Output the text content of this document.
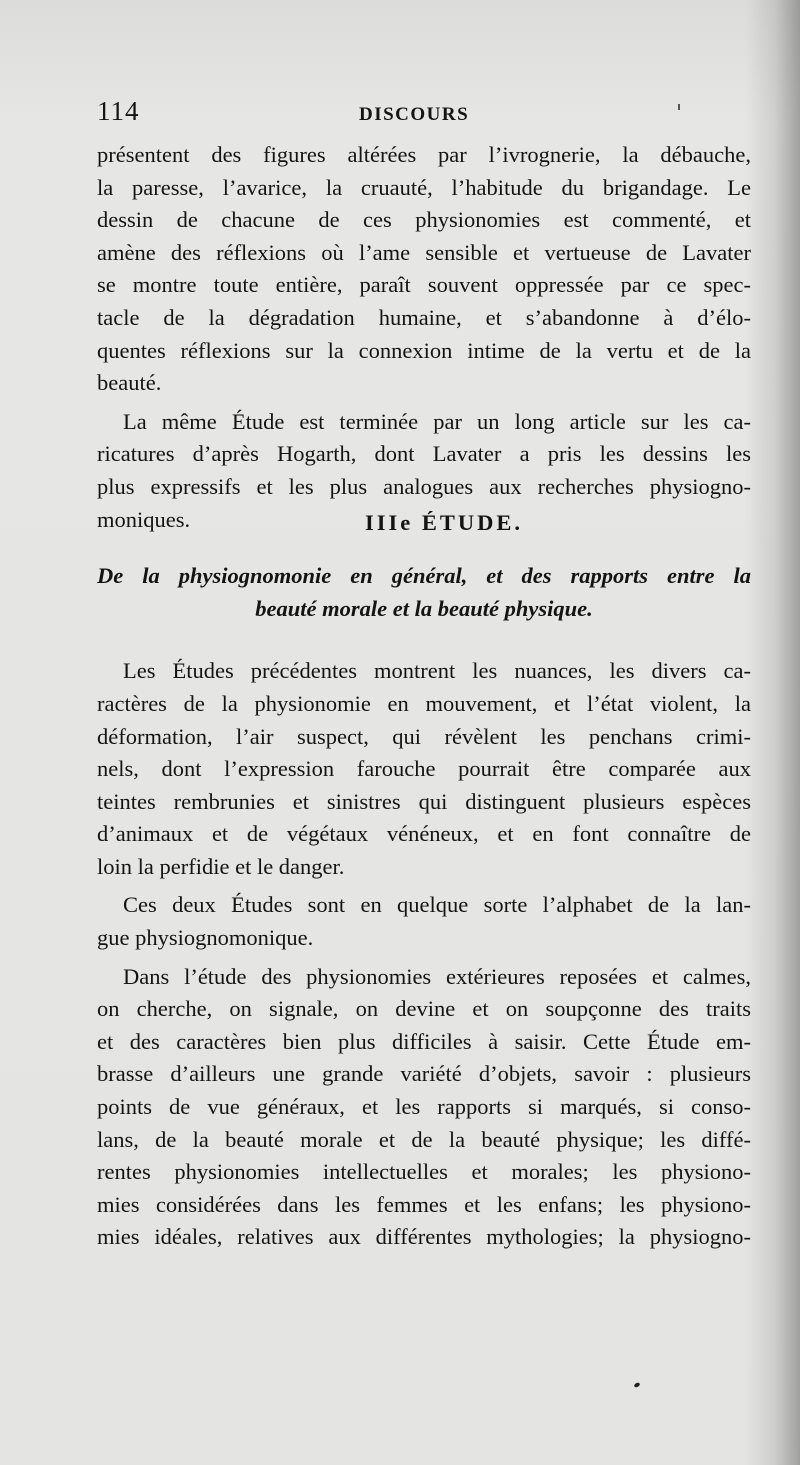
114	DISCOURS
présentent des figures altérées par l’ivrognerie, la débauche,
la paresse, l’avarice, la cruauté, l’habitude du brigandage. Le
dessin de chacune de ces physionomies est commenté, et
amène des réflexions où l’ame sensible et vertueuse de Lavater
se montre toute entière, paraît souvent oppressée par ce spec-
tacle de la dégradation humaine, et s’abandonne à d’élo-
quentes réflexions sur la connexion intime de la vertu et de la
beauté.
La même Étude est terminée par un long article sur les ca-
ricatures d’après Hogarth, dont Lavater a pris les dessins les
plus expressifs et les plus analogues aux recherches physiogno-
moniques.	IIIe ÉTUDE.
De la physiognomonie en général, et des rapports entre la
beauté morale et la beauté physique.
Les Études précédentes montrent les nuances, les divers ca-
ractères de la physionomie en mouvement, et l’état violent, la
déformation, l’air suspect, qui révèlent les penchans crimi-
nels, dont l’expression farouche pourrait être comparée aux
teintes rembrunies et sinistres qui distinguent plusieurs espèces
d’animaux et de végétaux vénéneux, et en font connaître de
loin la perfidie et le danger.
Ces deux Études sont en quelque sorte l’alphabet de la lan-
gue physiognomonique.
Dans l’étude des physionomies extérieures reposées et calmes,
on cherche, on signale, on devine et on soupçonne des traits
et des caractères bien plus difficiles à saisir. Cette Étude em-
brasse d’ailleurs une grande variété d’objets, savoir : plusieurs
points de vue généraux, et les rapports si marqués, si conso-
lans, de la beauté morale et de la beauté physique; les diffé-
rentes physionomies intellectuelles et morales; les physiono-
mies considérées dans les femmes et les enfans; les physiono-
mies idéales, relatives aux différentes mythologies; la physiogno-
